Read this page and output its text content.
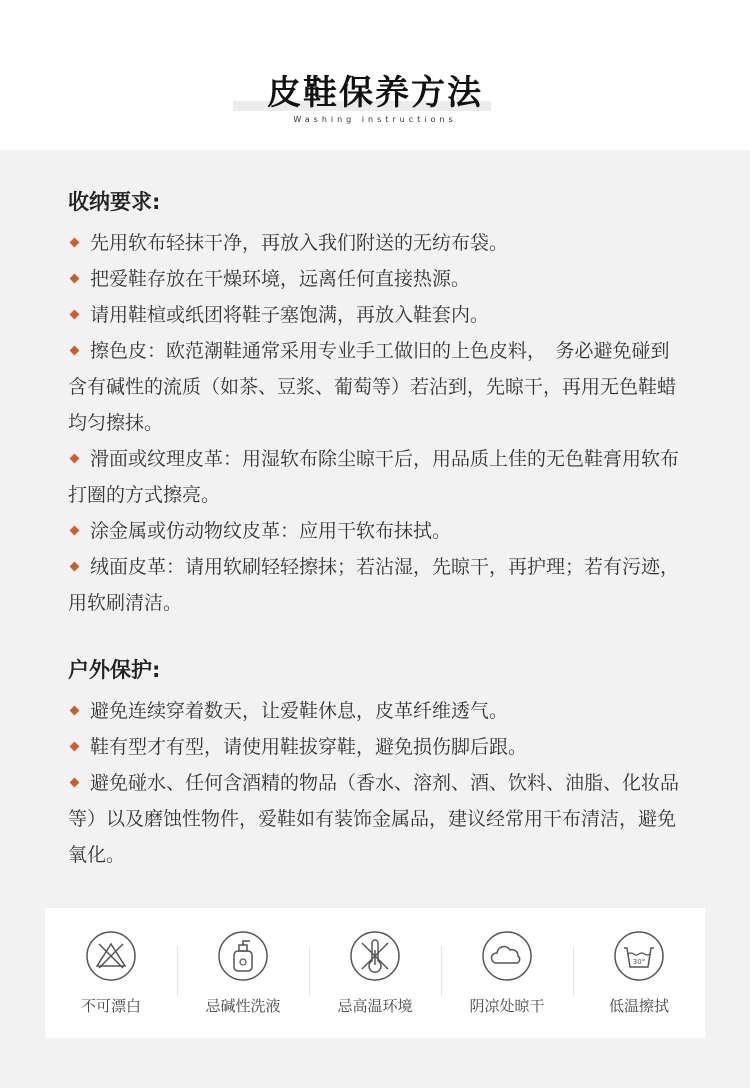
皮鞋保养方法
Washing instructions
收纳要求:

先用软布轻抹干净，再放入我们附送的无纺布袋。

把爱鞋存放在干燥环境，远离任何直接热源。

请用鞋楦或纸团将鞋子塞饱满，再放入鞋套内。

擦色皮：欧范潮鞋通常采用专业手工做旧的上色皮料，　务必避免碰到含有碱性的流质（如茶、豆浆、葡萄等）若沾到，先晾干，再用无色鞋蜡均匀擦抹。

滑面或纹理皮革：用湿软布除尘晾干后，用品质上佳的无色鞋膏用软布打圈的方式擦亮。

涂金属或仿动物纹皮革：应用干软布抹拭。

绒面皮革：请用软刷轻轻擦抹；若沾湿，先晾干，再护理；若有污迹，用软刷清洁。

户外保护:

避免连续穿着数天，让爱鞋休息，皮革纤维透气。

鞋有型才有型，请使用鞋拔穿鞋，避免损伤脚后跟。

避免碰水、任何含酒精的物品（香水、溶剂、酒、饮料、油脂、化妆品等）以及磨蚀性物件，爱鞋如有装饰金属品，建议经常用干布清洁，避免氧化。

不可漂白	忌碱性洗液	忌高温环境	阴凉处晾干
30°
低温擦拭
